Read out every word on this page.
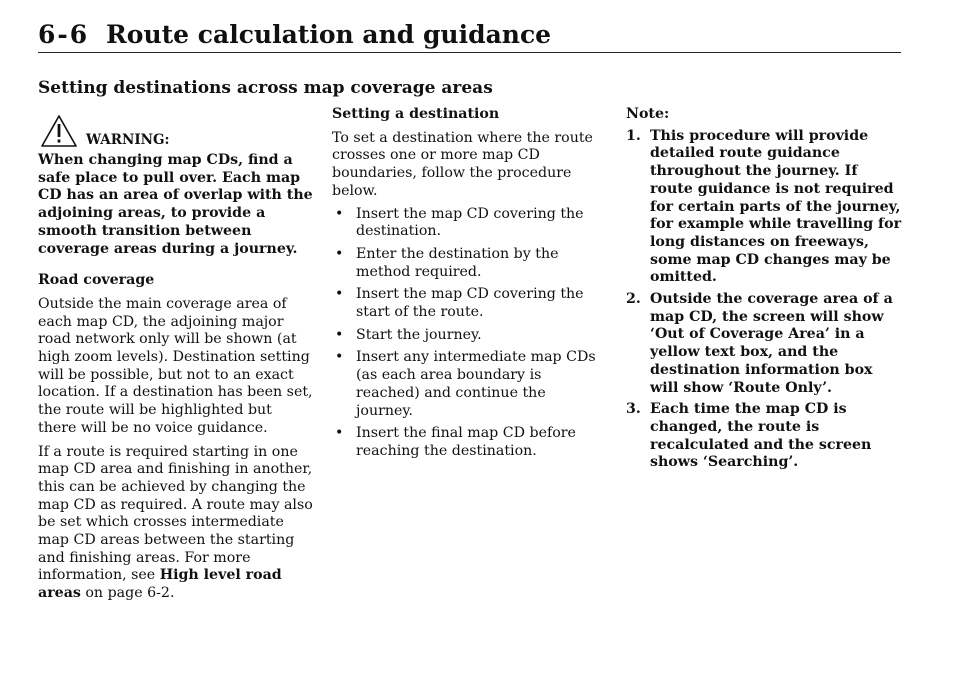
6-6 Route calculation and guidance
Setting destinations across map coverage areas
WARNING:

When changing map CDs, find a safe place to pull over. Each map CD has an area of overlap with the adjoining areas, to provide a smooth transition between coverage areas during a journey.

Road coverage

Outside the main coverage area of each map CD, the adjoining major road network only will be shown (at high zoom levels). Destination setting will be possible, but not to an exact location. If a destination has been set, the route will be highlighted but there will be no voice guidance.

If a route is required starting in one map CD area and finishing in another, this can be achieved by changing the map CD as required. A route may also be set which crosses intermediate map CD areas between the starting and finishing areas. For more information, see High level road areas on page 6-2.

Setting a destination

To set a destination where the route crosses one or more map CD boundaries, follow the procedure below.

• Insert the map CD covering the destination.
• Enter the destination by the method required.
• Insert the map CD covering the start of the route.
• Start the journey.
• Insert any intermediate map CDs (as each area boundary is reached) and continue the journey.
• Insert the final map CD before reaching the destination.

Note:

1. This procedure will provide detailed route guidance throughout the journey. If route guidance is not required for certain parts of the journey, for example while travelling for long distances on freeways, some map CD changes may be omitted.
2. Outside the coverage area of a map CD, the screen will show ‘Out of Coverage Area’ in a yellow text box, and the destination information box will show ‘Route Only’.
3. Each time the map CD is changed, the route is recalculated and the screen shows ‘Searching’.
